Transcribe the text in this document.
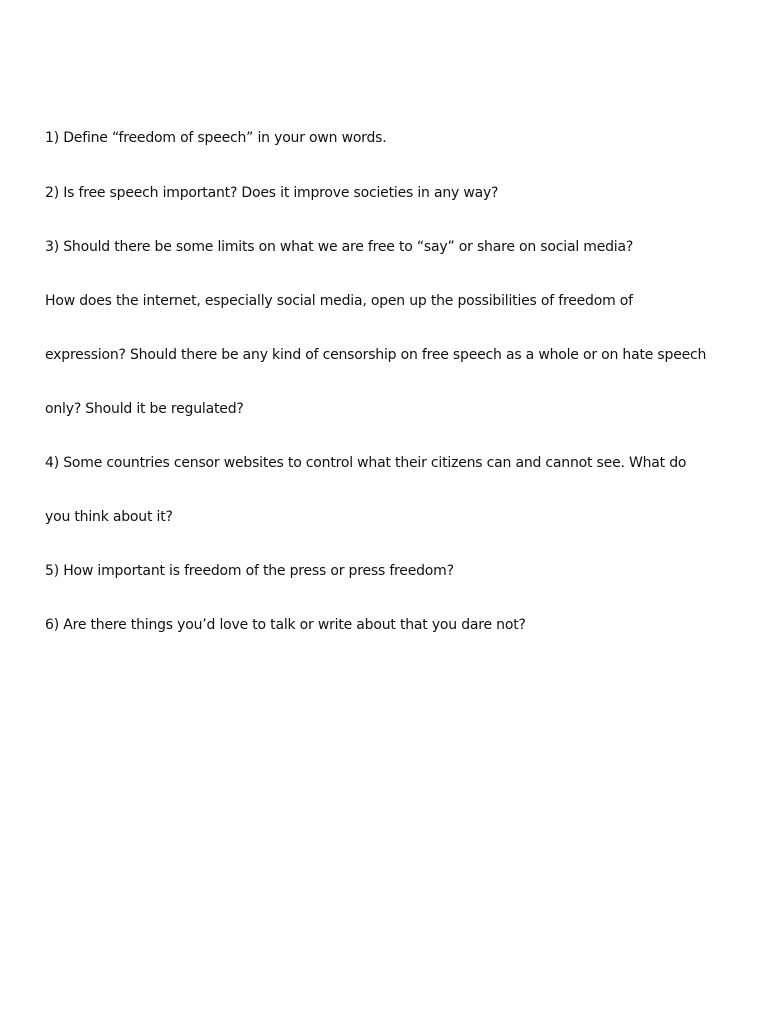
1) Define “freedom of speech” in your own words.
2) Is free speech important? Does it improve societies in any way?
3) Should there be some limits on what we are free to “say” or share on social media?
How does the internet, especially social media, open up the possibilities of freedom of
expression? Should there be any kind of censorship on free speech as a whole or on hate speech
only? Should it be regulated?
4) Some countries censor websites to control what their citizens can and cannot see. What do
you think about it?
5) How important is freedom of the press or press freedom?
6) Are there things you’d love to talk or write about that you dare not?
